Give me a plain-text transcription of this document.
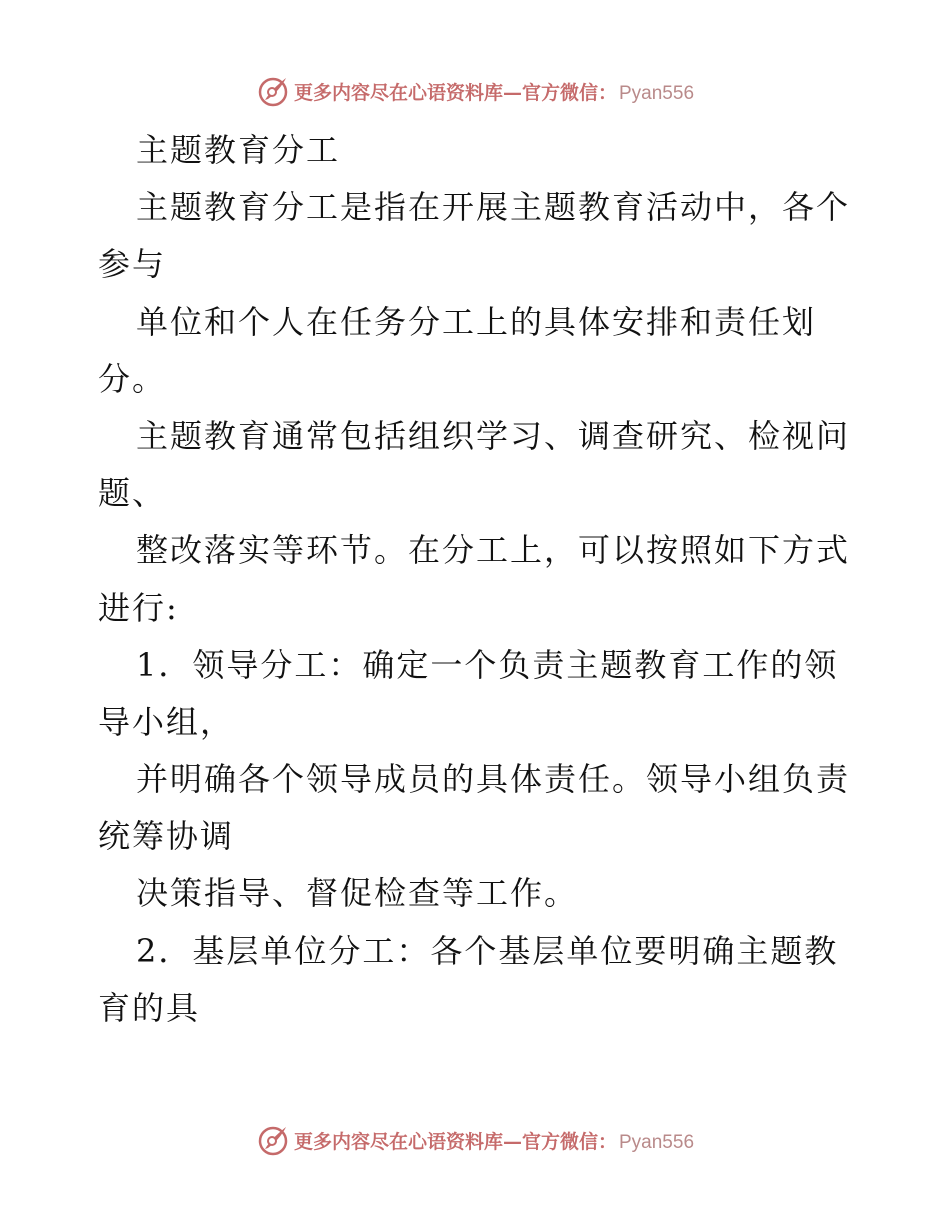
更多内容尽在心语资料库—官方微信： Pyan556
主题教育分工
主题教育分工是指在开展主题教育活动中，各个
参与
单位和个人在任务分工上的具体安排和责任划
分。
主题教育通常包括组织学习、调查研究、检视问
题、
整改落实等环节。在分工上，可以按照如下方式
进行:
1．领导分工：确定一个负责主题教育工作的领
导小组，
并明确各个领导成员的具体责任。领导小组负责
统筹协调
决策指导、督促检查等工作。
2．基层单位分工：各个基层单位要明确主题教
育的具
更多内容尽在心语资料库—官方微信： Pyan556
